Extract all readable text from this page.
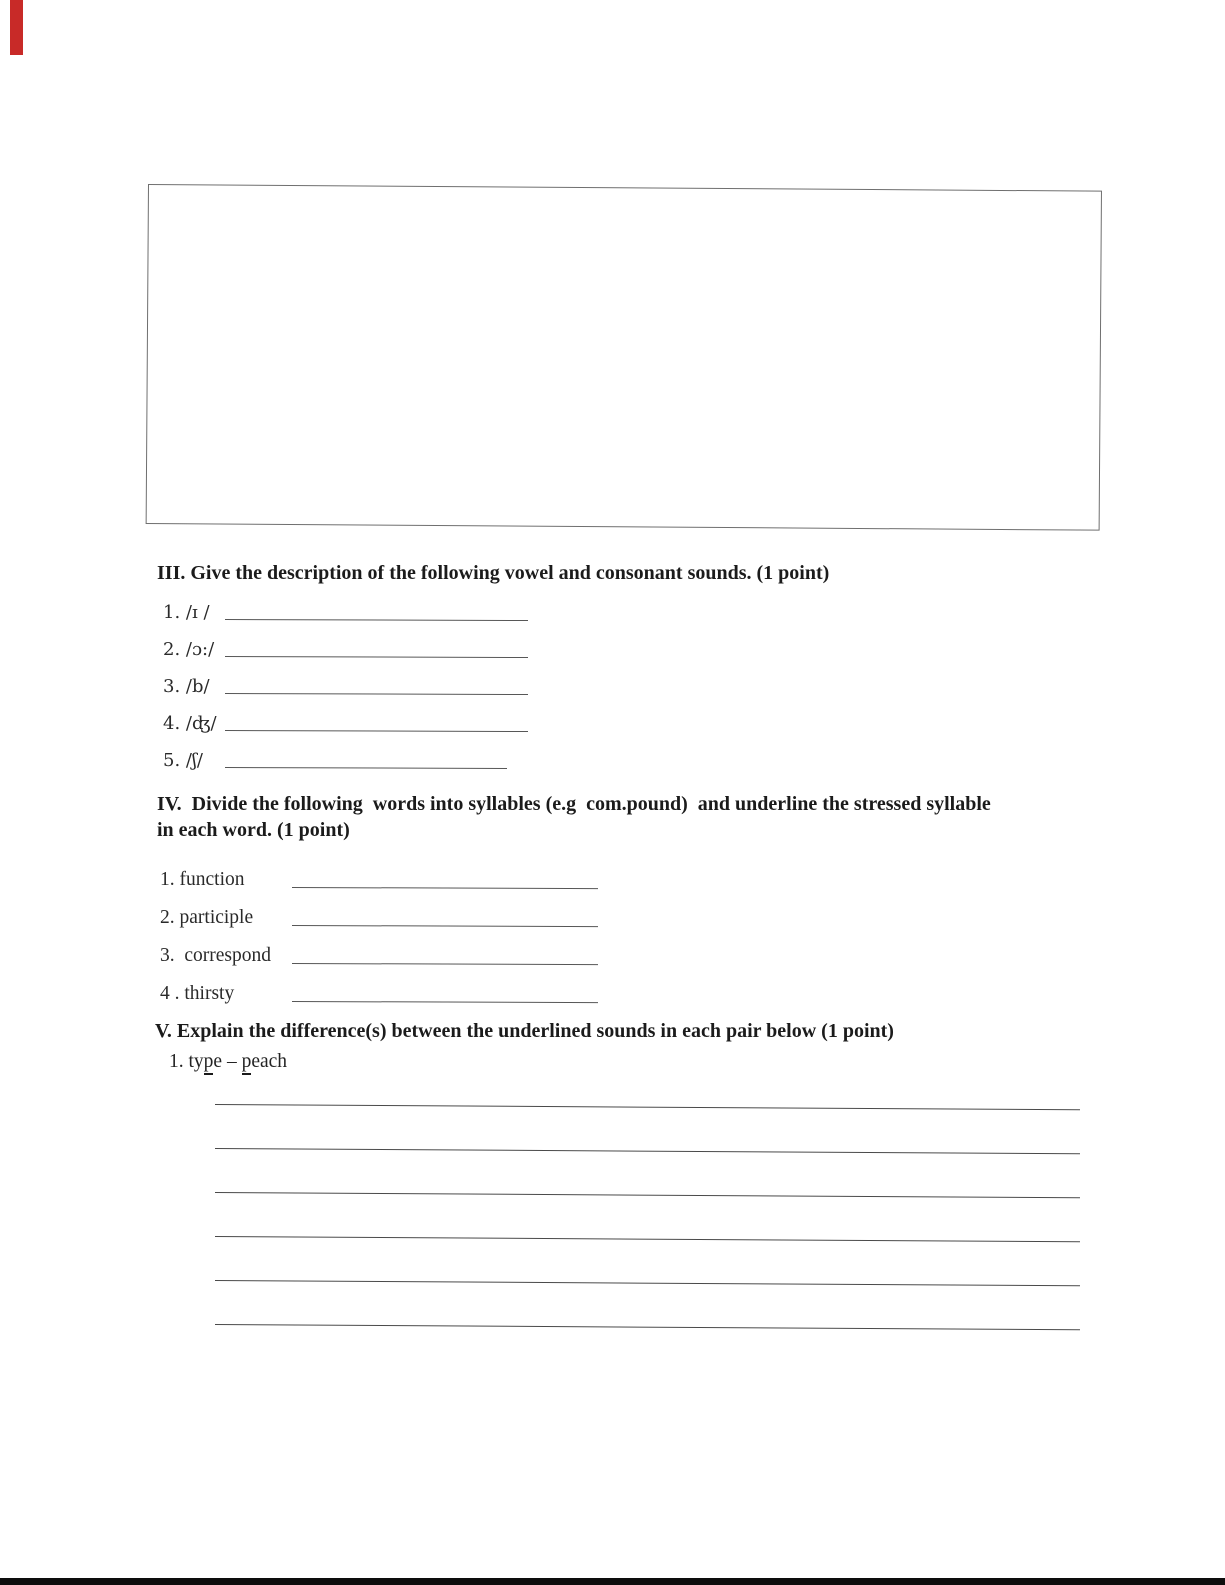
III. Give the description of the following vowel and consonant sounds. (1 point)
1. /ɪ /
2. /ɔ:/
3. /b/
4. /ʤ/
5. /ʃ/
IV.  Divide the following  words into syllables (e.g  com.pound)  and underline the stressed syllable
in each word. (1 point)
1. function
2. participle
3.  correspond
4 . thirsty
V. Explain the difference(s) between the underlined sounds in each pair below (1 point)
1. type – peach
